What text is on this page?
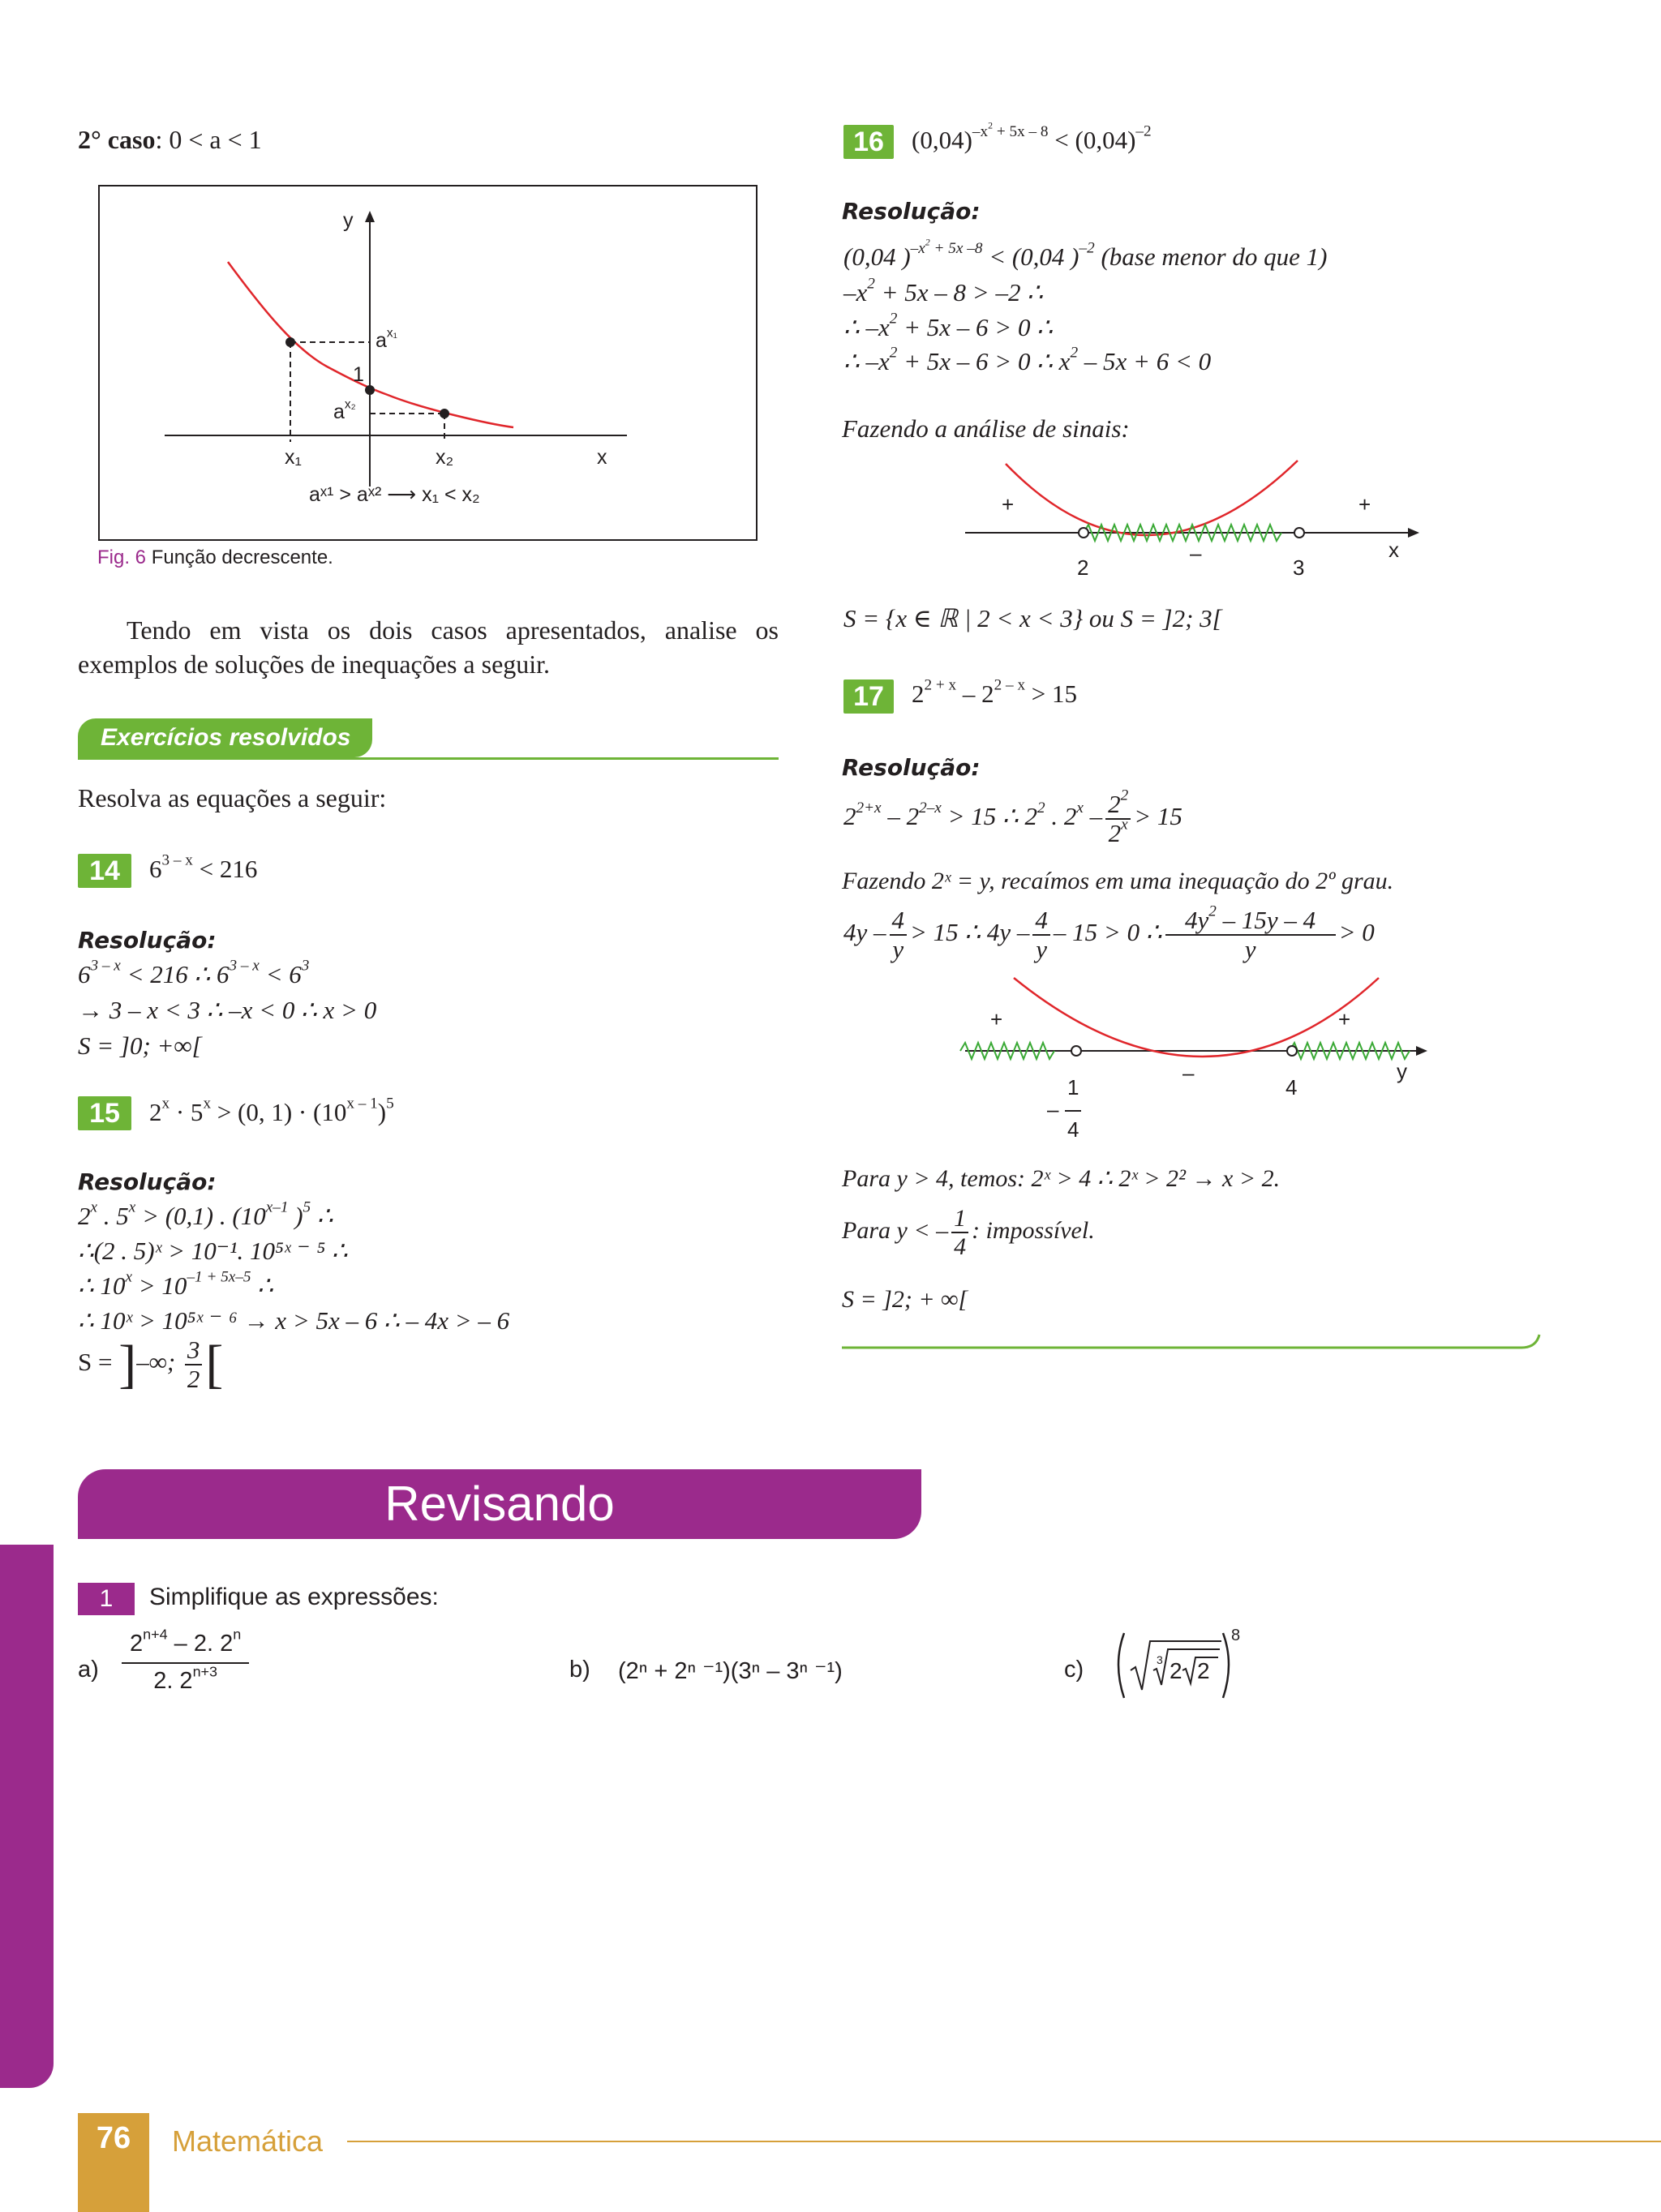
2° caso: 0 < a < 1
y
x
$a^{x_1}$
1
$a^{x_2}$
x₁	x₂
aˣ¹ > aˣ² ⟶ x₁ < x₂
Fig. 6 Função decrescente.
Tendo em vista os dois casos apresentados, analise os exemplos de soluções de inequações a seguir.
Exercícios resolvidos
Resolva as equações a seguir:
14	$6^{3 - x} < 216$
Resolução:
$6^{3 - x} < 216$ ∴ $6^{3 - x} < 6^3$
→ 3 – x < 3 ∴ –x < 0 ∴ x > 0
S = ]0; +∞[
15	$2^x \cdot 5^x > (0$, $1) \cdot (10^{x - 1})^5$
Resolução:
2$^x$ . $5^x > (0,1)$ . (10$^{x-1}$ )$^5$ ∴
∴(2 . 5)ˣ > 10⁻¹. 10⁵ˣ ⁻ ⁵ ∴
∴ $10^x > 10^{-1 + 5x-5}$ ∴
∴ 10ˣ > 10⁵ˣ ⁻ ⁶ → x > 5x – 6 ∴ – 4x > – 6
S = ]–∞; $\frac{3}{2}$ [
16	$(0,04)^{-x^2 + 5x - 8} < (0,04)^{-2}$
Resolução:
(0,04 )$^{-x^2 + 5x -8}$ < (0,04 )$^{-2}$ (base menor do que 1)
$-x^2 + 5x - 8 > -2$ ∴
∴ $-x^2 + 5x - 6 > 0$ ∴
∴ $-x^2 + 5x - 6 > 0$ ∴ $x^2 - 5x + 6 < 0$
Fazendo a análise de sinais:
+	+
–
2	3
x
S = {x ∈ ℝ | 2 < x < 3} ou S = ]2; 3[
17	$2^{2 + x} - 2^{2 - x} > 15$
Resolução:
$2^{2+x} - 2^{2-x} > 15$ ∴ $2^2$ . $2^x - \frac{2^2}{2^x} > 15$
Fazendo 2ˣ = y, recaímos em uma inequação do 2º grau.
$4y - \frac{4}{y} > 15$ ∴ $4y - \frac{4}{y} - 15 > 0$ ∴ $\frac{4y^2 - 15y - 4}{y} > 0$
+	+
–
–
1
4
4
y
Para y > 4, temos: 2ˣ > 4 ∴ 2ˣ > 2² → x > 2.
Para y < – $\frac{1}{4}$ : impossível.
S = ]2; + ∞[
Revisando
1	Simplifique as expressões:
$a) \frac{2^{n+4} - 2. 2^n}{2. 2^{n+3}}$	b) (2ⁿ + 2ⁿ ⁻¹)(3ⁿ – 3ⁿ ⁻¹)	c)	3 2 2
8
76	Matemática
